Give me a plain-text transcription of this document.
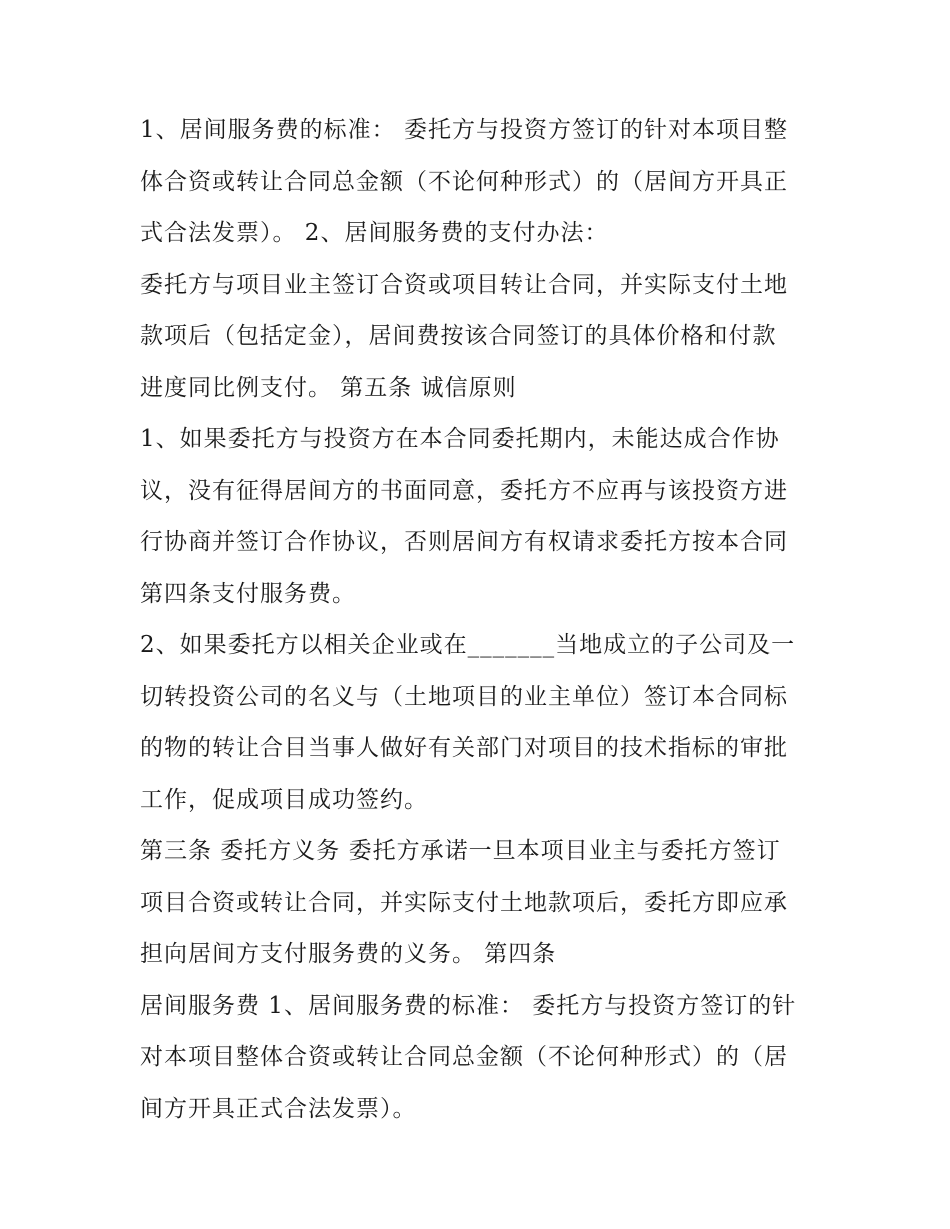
1、居间服务费的标准： 委托方与投资方签订的针对本项目整
体合资或转让合同总金额（不论何种形式）的（居间方开具正
式合法发票）。 2、居间服务费的支付办法：
委托方与项目业主签订合资或项目转让合同，并实际支付土地
款项后（包括定金），居间费按该合同签订的具体价格和付款
进度同比例支付。 第五条 诚信原则
1、如果委托方与投资方在本合同委托期内，未能达成合作协
议，没有征得居间方的书面同意，委托方不应再与该投资方进
行协商并签订合作协议，否则居间方有权请求委托方按本合同
第四条支付服务费。
2、如果委托方以相关企业或在_______当地成立的子公司及一
切转投资公司的名义与（土地项目的业主单位）签订本合同标
的物的转让合目当事人做好有关部门对项目的技术指标的审批
工作，促成项目成功签约。
第三条 委托方义务 委托方承诺一旦本项目业主与委托方签订
项目合资或转让合同，并实际支付土地款项后，委托方即应承
担向居间方支付服务费的义务。 第四条
居间服务费 1、居间服务费的标准： 委托方与投资方签订的针
对本项目整体合资或转让合同总金额（不论何种形式）的（居
间方开具正式合法发票）。
